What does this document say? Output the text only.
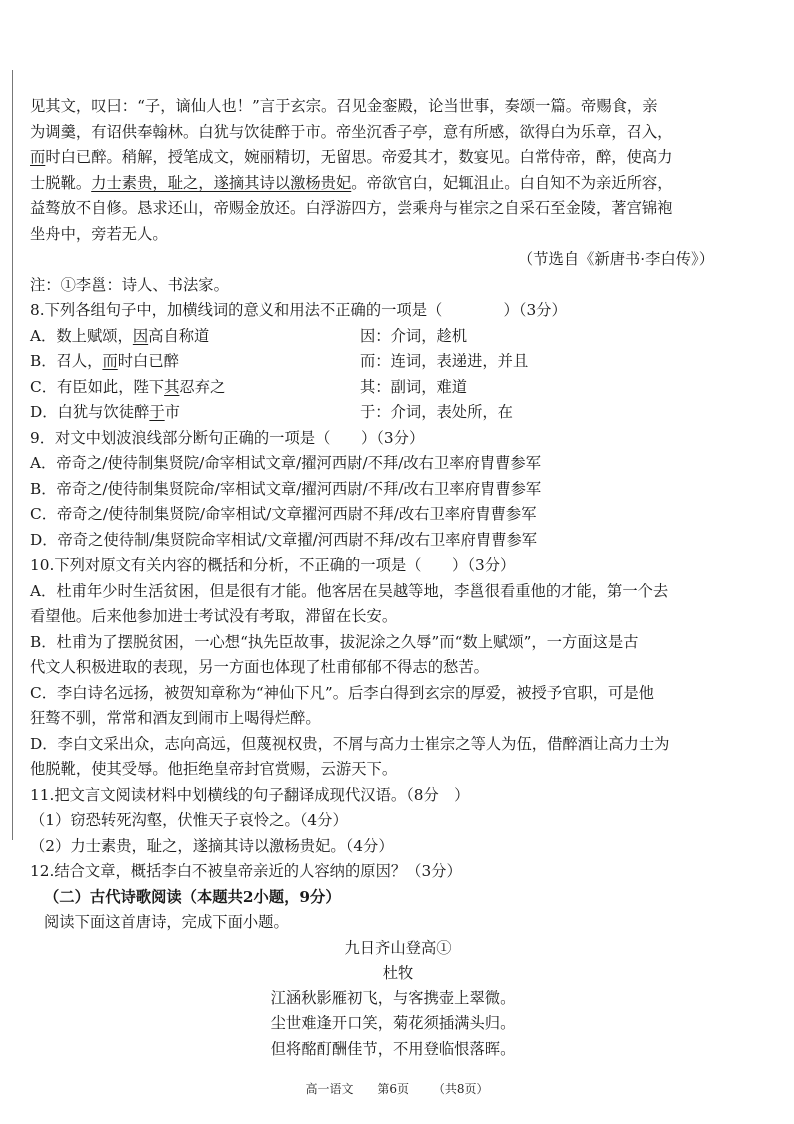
见其文，叹曰：“子，谪仙人也！”言于玄宗。召见金銮殿，论当世事，奏颂一篇。帝赐食，亲

为调羹，有诏供奉翰林。白犹与饮徒醉于市。帝坐沉香子亭，意有所感，欲得白为乐章，召入，

而时白已醉。稍解，授笔成文，婉丽精切，无留思。帝爱其才，数宴见。白常侍帝，醉，使高力

士脱靴。力士素贵，耻之，遂摘其诗以激杨贵妃。帝欲官白，妃辄沮止。白自知不为亲近所容，

益骜放不自修。恳求还山，帝赐金放还。白浮游四方，尝乘舟与崔宗之自采石至金陵，著宫锦袍

坐舟中，旁若无人。

（节选自《新唐书·李白传》）

注：①李邕：诗人、书法家。

8.下列各组句子中，加横线词的意义和用法不正确的一项是（　　　　）（3分）

A．数上赋颂，因高自称道	因：介词，趁机
B．召人，而时白已醉	而：连词，表递进，并且
C．有臣如此，陛下其忍弃之	其：副词，难道
D．白犹与饮徒醉于市	于：介词，表处所，在

9．对文中划波浪线部分断句正确的一项是（　　）（3分）

A．帝奇之/使待制集贤院/命宰相试文章/擢河西尉/不拜/改右卫率府胄曹参军

B．帝奇之/使待制集贤院命/宰相试文章/擢河西尉/不拜/改右卫率府胄曹参军

C．帝奇之/使待制集贤院/命宰相试/文章擢河西尉不拜/改右卫率府胄曹参军

D．帝奇之使待制/集贤院命宰相试/文章擢/河西尉不拜/改右卫率府胄曹参军

10.下列对原文有关内容的概括和分析，不正确的一项是（　　）（3分）

A．杜甫年少时生活贫困，但是很有才能。他客居在吴越等地，李邕很看重他的才能，第一个去

看望他。后来他参加进士考试没有考取，滞留在长安。

B．杜甫为了摆脱贫困，一心想“执先臣故事，拔泥涂之久辱”而“数上赋颂”，一方面这是古

代文人积极进取的表现，另一方面也体现了杜甫郁郁不得志的愁苦。

C．李白诗名远扬，被贺知章称为“神仙下凡”。后李白得到玄宗的厚爱，被授予官职，可是他

狂骜不驯，常常和酒友到闹市上喝得烂醉。

D．李白文采出众，志向高远，但蔑视权贵，不屑与高力士崔宗之等人为伍，借醉酒让高力士为

他脱靴，使其受辱。他拒绝皇帝封官赏赐，云游天下。

11.把文言文阅读材料中划横线的句子翻译成现代汉语。（8分　）

（1）窃恐转死沟壑，伏惟天子哀怜之。（4分）

（2）力士素贵，耻之，遂摘其诗以激杨贵妃。（4分）

12.结合文章，概括李白不被皇帝亲近的人容纳的原因？（3分）

（二）古代诗歌阅读（本题共2小题，9分）

阅读下面这首唐诗，完成下面小题。

九日齐山登高①

杜牧

江涵秋影雁初飞，与客携壶上翠微。

尘世难逢开口笑，菊花须插满头归。

但将酩酊酬佳节，不用登临恨落晖。

高一语文 第6页 （共8页）
